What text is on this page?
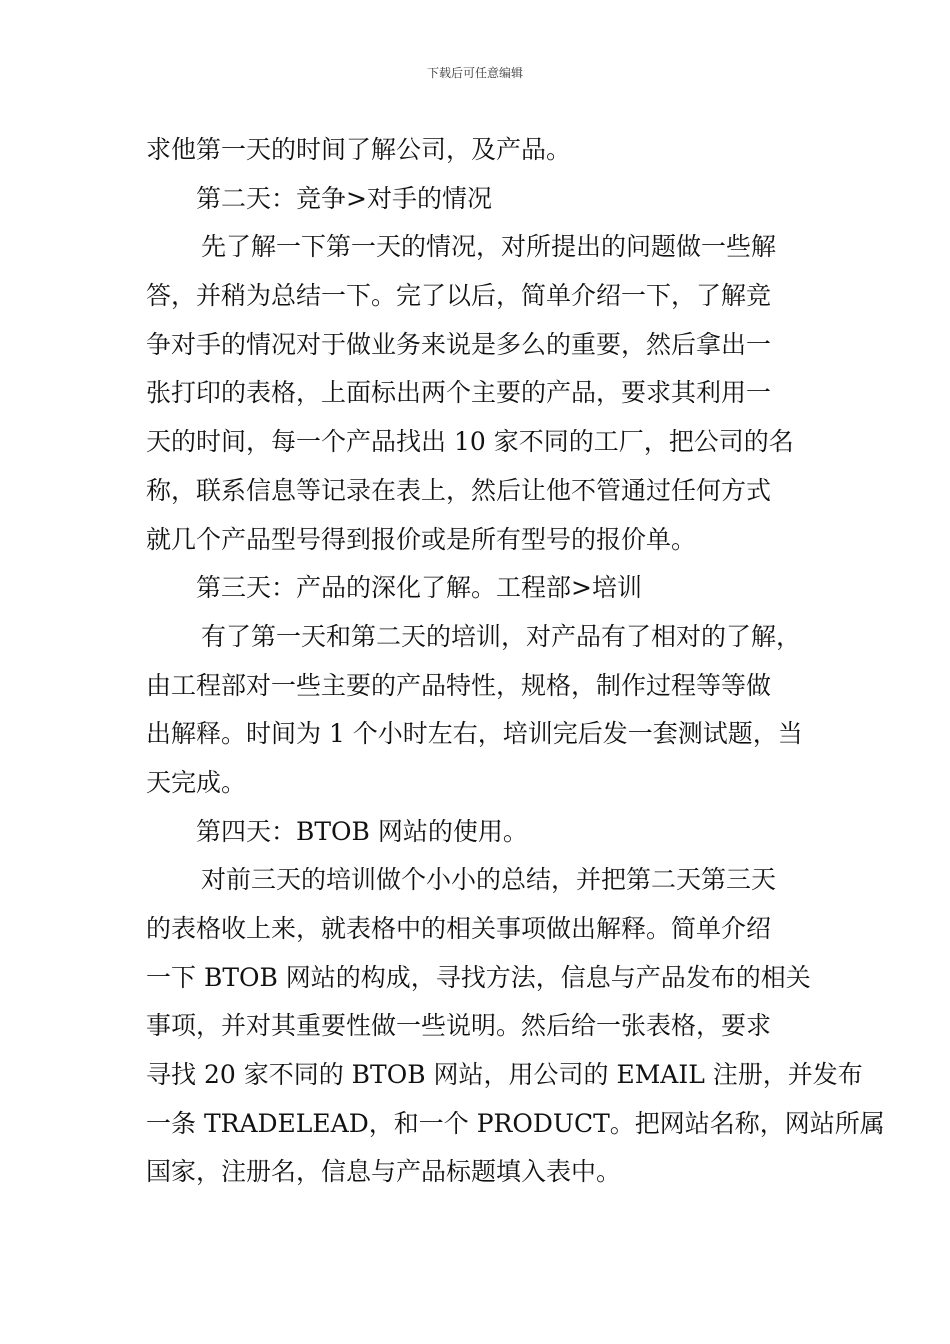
下载后可任意编辑
求他第一天的时间了解公司，及产品。
第二天：竞争>对手的情况
先了解一下第一天的情况，对所提出的问题做一些解
答，并稍为总结一下。完了以后，简单介绍一下，了解竞
争对手的情况对于做业务来说是多么的重要，然后拿出一
张打印的表格，上面标出两个主要的产品，要求其利用一
天的时间，每一个产品找出 10 家不同的工厂，把公司的名
称，联系信息等记录在表上，然后让他不管通过任何方式
就几个产品型号得到报价或是所有型号的报价单。
第三天：产品的深化了解。工程部>培训
有了第一天和第二天的培训，对产品有了相对的了解，
由工程部对一些主要的产品特性，规格，制作过程等等做
出解释。时间为 1 个小时左右，培训完后发一套测试题，当
天完成。
第四天：BTOB 网站的使用。
对前三天的培训做个小小的总结，并把第二天第三天
的表格收上来，就表格中的相关事项做出解释。简单介绍
一下 BTOB 网站的构成，寻找方法，信息与产品发布的相关
事项，并对其重要性做一些说明。然后给一张表格，要求
寻找 20 家不同的 BTOB 网站，用公司的 EMAIL 注册，并发布
一条 TRADELEAD，和一个 PRODUCT。把网站名称，网站所属
国家，注册名，信息与产品标题填入表中。
